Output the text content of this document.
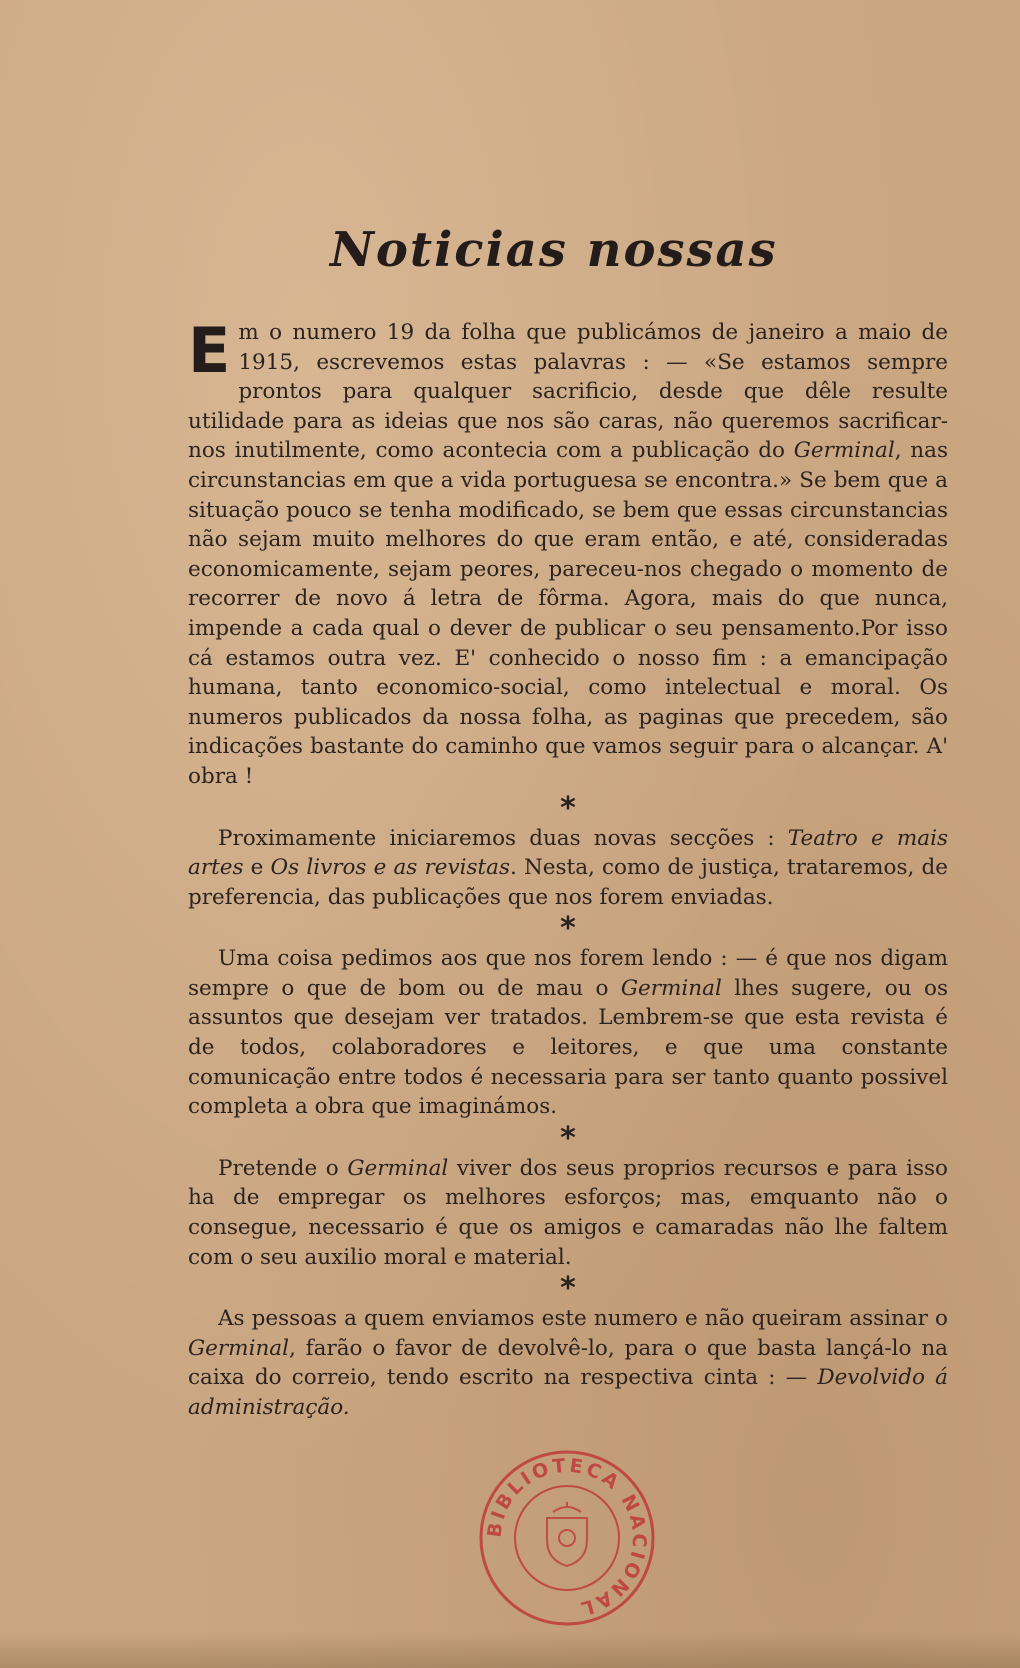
Noticias nossas

Em o numero 19 da folha que publicámos de janeiro a maio de 1915, escrevemos estas palavras : — «Se estamos sempre prontos para qualquer sacrificio, desde que dêle resulte utilidade para as ideias que nos são caras, não queremos sacrificar-nos inutilmente, como acontecia com a publicação do Germinal, nas circunstancias em que a vida portuguesa se encontra.» Se bem que a situação pouco se tenha modificado, se bem que essas circunstancias não sejam muito melhores do que eram então, e até, consideradas economicamente, sejam peores, pareceu-nos chegado o momento de recorrer de novo á letra de fôrma. Agora, mais do que nunca, impende a cada qual o dever de publicar o seu pensamento.Por isso cá estamos outra vez. E' conhecido o nosso fim : a emancipação humana, tanto economico-social, como intelectual e moral. Os numeros publicados da nossa folha, as paginas que precedem, são indicações bastante do caminho que vamos seguir para o alcançar. A' obra !

*

Proximamente iniciaremos duas novas secções : Teatro e mais artes e Os livros e as revistas. Nesta, como de justiça, trataremos, de preferencia, das publicações que nos forem enviadas.

*

Uma coisa pedimos aos que nos forem lendo : — é que nos digam sempre o que de bom ou de mau o Germinal lhes sugere, ou os assuntos que desejam ver tratados. Lembrem-se que esta revista é de todos, colaboradores e leitores, e que uma constante comunicação entre todos é necessaria para ser tanto quanto possivel completa a obra que imaginámos.

*

Pretende o Germinal viver dos seus proprios recursos e para isso ha de empregar os melhores esforços; mas, emquanto não o consegue, necessario é que os amigos e camaradas não lhe faltem com o seu auxilio moral e material.

*

As pessoas a quem enviamos este numero e não queiram assinar o Germinal, farão o favor de devolvê-lo, para o que basta lançá-lo na caixa do correio, tendo escrito na respectiva cinta : — Devolvido á administração.

BIBLIOTECA NACIONAL
